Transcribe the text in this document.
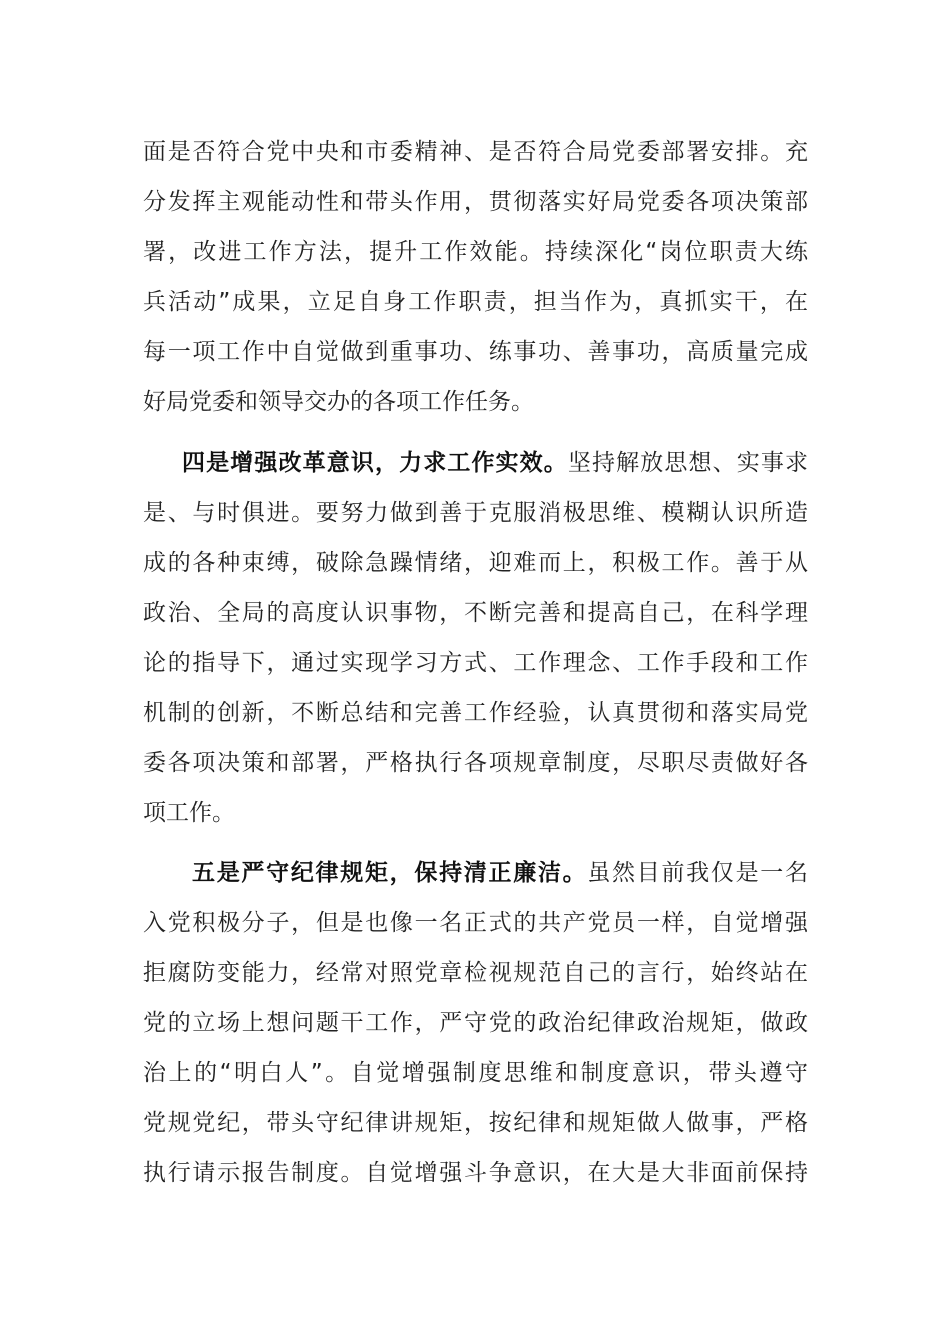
面是否符合党中央和市委精神、是否符合局党委部署安排。充
分发挥主观能动性和带头作用，贯彻落实好局党委各项决策部
署，改进工作方法，提升工作效能。持续深化“岗位职责大练
兵活动”成果，立足自身工作职责，担当作为，真抓实干，在
每一项工作中自觉做到重事功、练事功、善事功，高质量完成
好局党委和领导交办的各项工作任务。
四是增强改革意识，力求工作实效。坚持解放思想、实事求
是、与时俱进。要努力做到善于克服消极思维、模糊认识所造
成的各种束缚，破除急躁情绪，迎难而上，积极工作。善于从
政治、全局的高度认识事物，不断完善和提高自己，在科学理
论的指导下，通过实现学习方式、工作理念、工作手段和工作
机制的创新，不断总结和完善工作经验，认真贯彻和落实局党
委各项决策和部署，严格执行各项规章制度，尽职尽责做好各
项工作。
五是严守纪律规矩，保持清正廉洁。虽然目前我仅是一名
入党积极分子，但是也像一名正式的共产党员一样，自觉增强
拒腐防变能力，经常对照党章检视规范自己的言行，始终站在
党的立场上想问题干工作，严守党的政治纪律政治规矩，做政
治上的“明白人”。自觉增强制度思维和制度意识，带头遵守
党规党纪，带头守纪律讲规矩，按纪律和规矩做人做事，严格
执行请示报告制度。自觉增强斗争意识，在大是大非面前保持
